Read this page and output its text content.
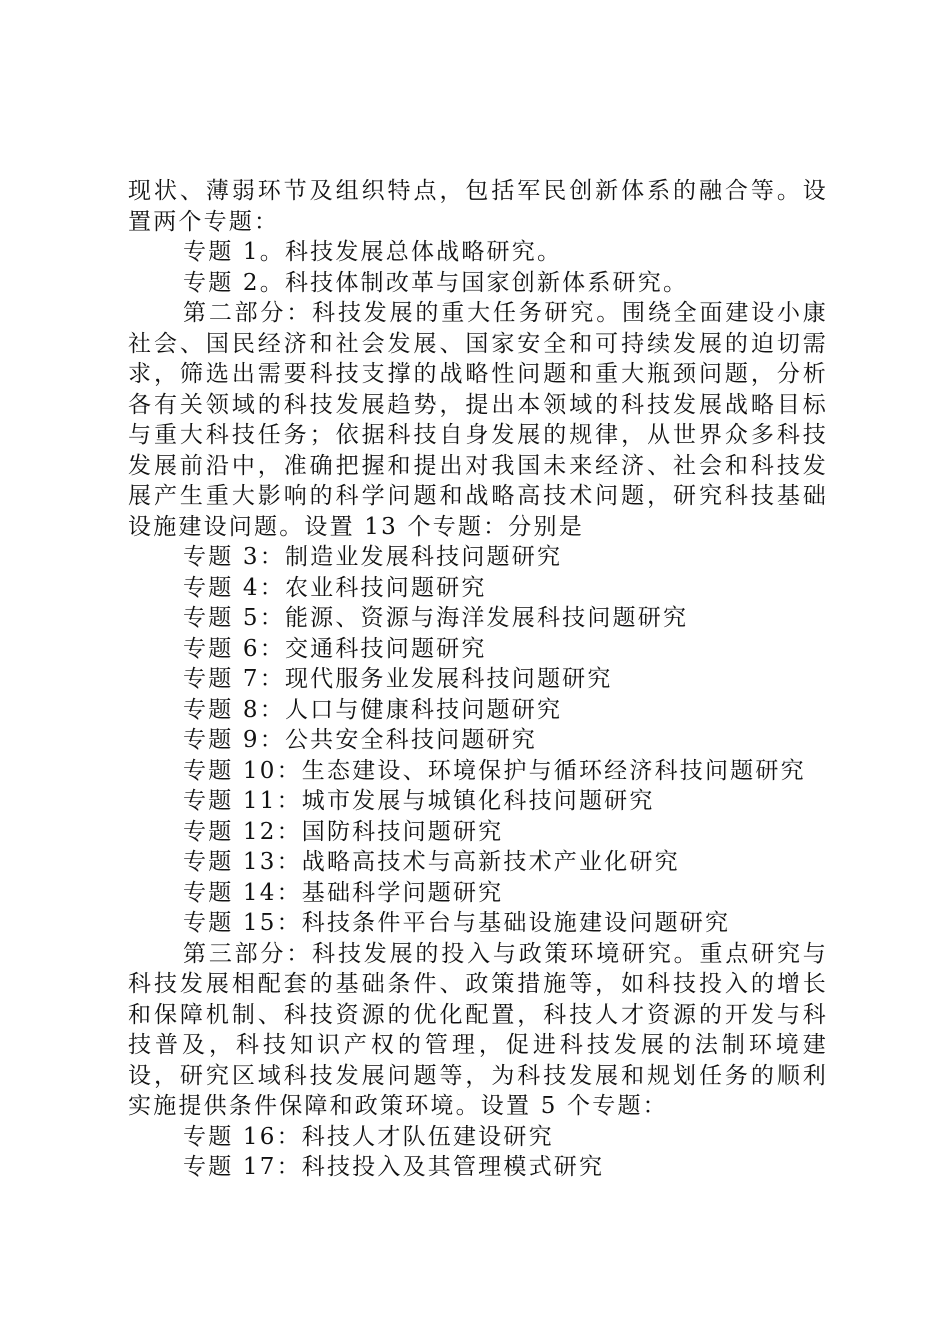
现状、薄弱环节及组织特点，包括军民创新体系的融合等。设置两个专题：

专题 1。科技发展总体战略研究。

专题 2。科技体制改革与国家创新体系研究。

第二部分：科技发展的重大任务研究。围绕全面建设小康社会、国民经济和社会发展、国家安全和可持续发展的迫切需求，筛选出需要科技支撑的战略性问题和重大瓶颈问题，分析各有关领域的科技发展趋势，提出本领域的科技发展战略目标与重大科技任务；依据科技自身发展的规律，从世界众多科技发展前沿中，准确把握和提出对我国未来经济、社会和科技发展产生重大影响的科学问题和战略高技术问题，研究科技基础设施建设问题。设置 13 个专题：分别是

专题 3：制造业发展科技问题研究

专题 4：农业科技问题研究

专题 5：能源、资源与海洋发展科技问题研究

专题 6：交通科技问题研究

专题 7：现代服务业发展科技问题研究

专题 8：人口与健康科技问题研究

专题 9：公共安全科技问题研究

专题 10：生态建设、环境保护与循环经济科技问题研究

专题 11：城市发展与城镇化科技问题研究

专题 12：国防科技问题研究

专题 13：战略高技术与高新技术产业化研究

专题 14：基础科学问题研究

专题 15：科技条件平台与基础设施建设问题研究

第三部分：科技发展的投入与政策环境研究。重点研究与科技发展相配套的基础条件、政策措施等，如科技投入的增长和保障机制、科技资源的优化配置，科技人才资源的开发与科技普及，科技知识产权的管理，促进科技发展的法制环境建设，研究区域科技发展问题等，为科技发展和规划任务的顺利实施提供条件保障和政策环境。设置 5 个专题：

专题 16：科技人才队伍建设研究

专题 17：科技投入及其管理模式研究
